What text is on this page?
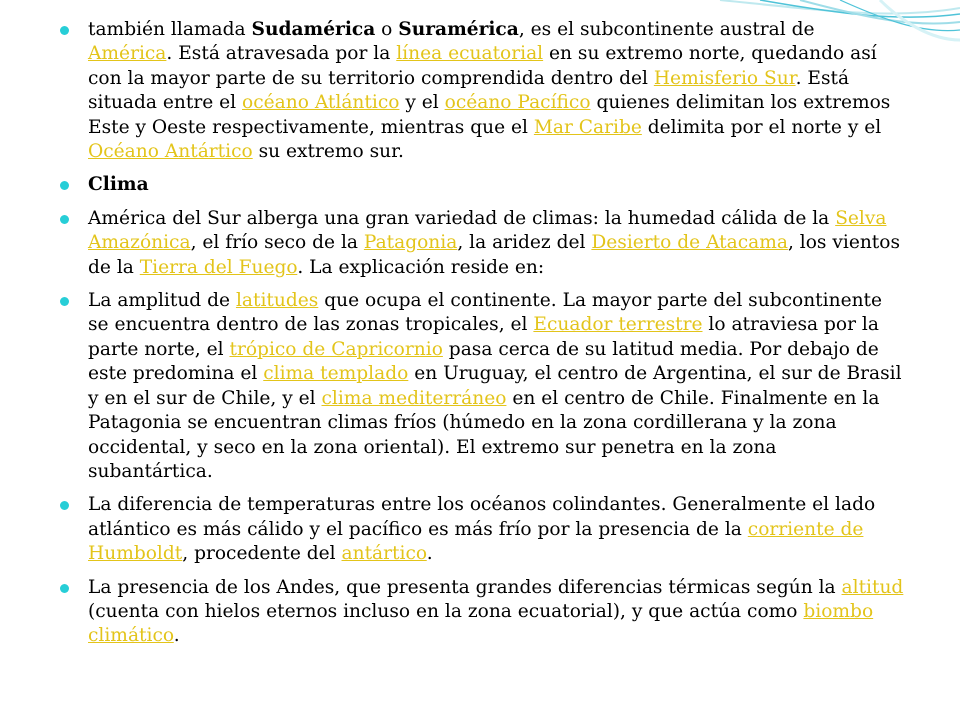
también llamada Sudamérica o Suramérica, es el subcontinente austral de América. Está atravesada por la línea ecuatorial en su extremo norte, quedando así con la mayor parte de su territorio comprendida dentro del Hemisferio Sur. Está situada entre el océano Atlántico y el océano Pacífico quienes delimitan los extremos Este y Oeste respectivamente, mientras que el Mar Caribe delimita por el norte y el Océano Antártico su extremo sur.
Clima
América del Sur alberga una gran variedad de climas: la humedad cálida de la Selva Amazónica, el frío seco de la Patagonia, la aridez del Desierto de Atacama, los vientos de la Tierra del Fuego. La explicación reside en:
La amplitud de latitudes que ocupa el continente. La mayor parte del subcontinente se encuentra dentro de las zonas tropicales, el Ecuador terrestre lo atraviesa por la parte norte, el trópico de Capricornio pasa cerca de su latitud media. Por debajo de este predomina el clima templado en Uruguay, el centro de Argentina, el sur de Brasil y en el sur de Chile, y el clima mediterráneo en el centro de Chile. Finalmente en la Patagonia se encuentran climas fríos (húmedo en la zona cordillerana y la zona occidental, y seco en la zona oriental). El extremo sur penetra en la zona subantártica.
La diferencia de temperaturas entre los océanos colindantes. Generalmente el lado atlántico es más cálido y el pacífico es más frío por la presencia de la corriente de Humboldt, procedente del antártico.
La presencia de los Andes, que presenta grandes diferencias térmicas según la altitud (cuenta con hielos eternos incluso en la zona ecuatorial), y que actúa como biombo climático.
